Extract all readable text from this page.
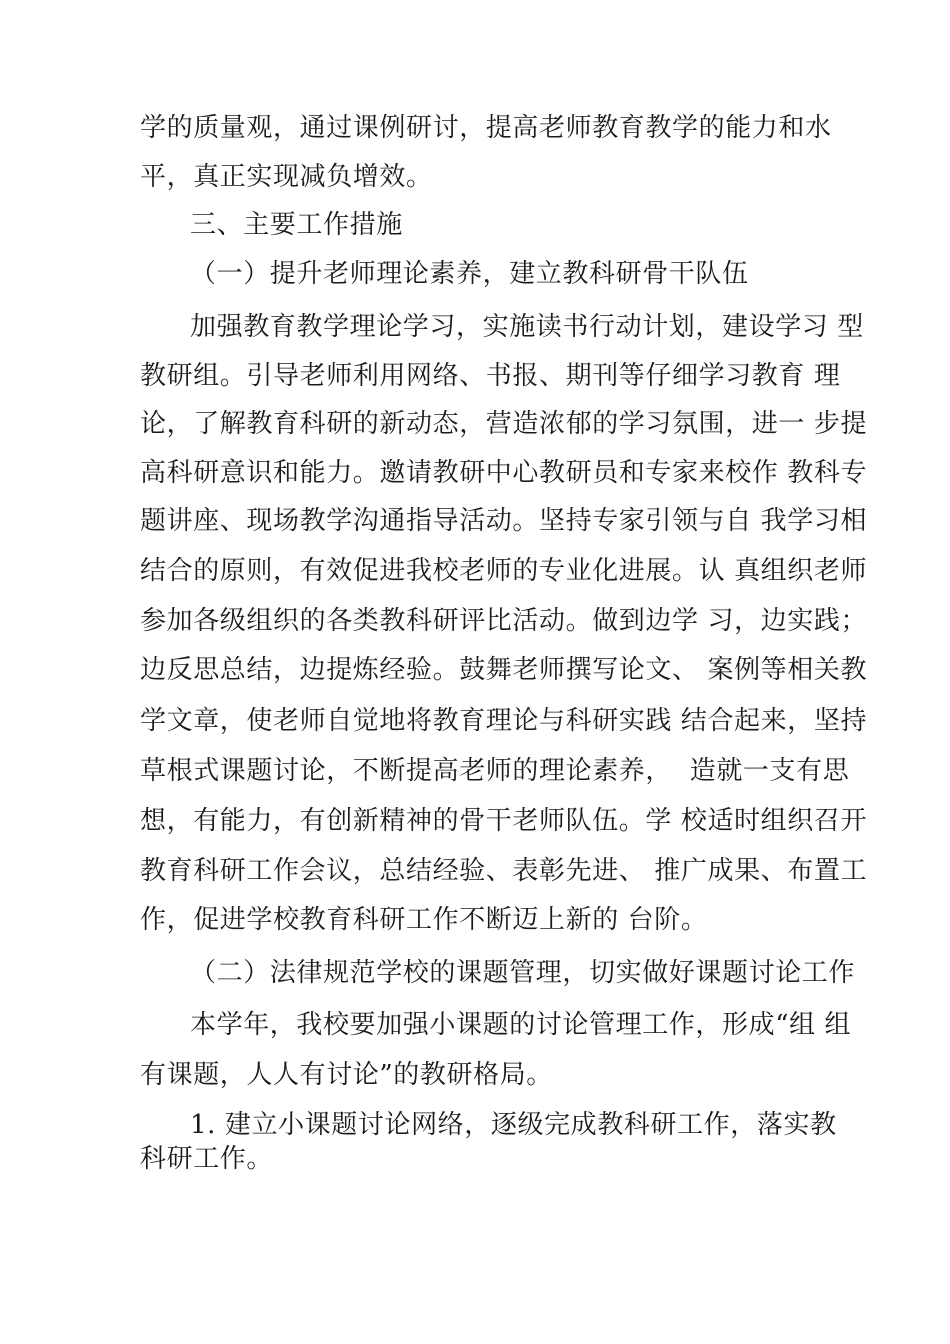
学的质量观，通过课例研讨，提高老师教育教学的能力和水
平，真正实现减负增效。
三、主要工作措施
（一）提升老师理论素养，建立教科研骨干队伍
加强教育教学理论学习，实施读书行动计划，建设学习 型
教研组。引导老师利用网络、书报、期刊等仔细学习教育 理
论，了解教育科研的新动态，营造浓郁的学习氛围，进一 步提
高科研意识和能力。邀请教研中心教研员和专家来校作 教科专
题讲座、现场教学沟通指导活动。坚持专家引领与自 我学习相
结合的原则，有效促进我校老师的专业化进展。认 真组织老师
参加各级组织的各类教科研评比活动。做到边学 习，边实践；
边反思总结，边提炼经验。鼓舞老师撰写论文、 案例等相关教
学文章，使老师自觉地将教育理论与科研实践 结合起来，坚持
草根式课题讨论，不断提高老师的理论素养，  造就一支有思
想，有能力，有创新精神的骨干老师队伍。学 校适时组织召开
教育科研工作会议，总结经验、表彰先进、 推广成果、布置工
作，促进学校教育科研工作不断迈上新的 台阶。
（二）法律规范学校的课题管理，切实做好课题讨论工作
本学年，我校要加强小课题的讨论管理工作，形成“组 组
有课题，人人有讨论”的教研格局。
1. 建立小课题讨论网络，逐级完成教科研工作，落实教
科研工作。
